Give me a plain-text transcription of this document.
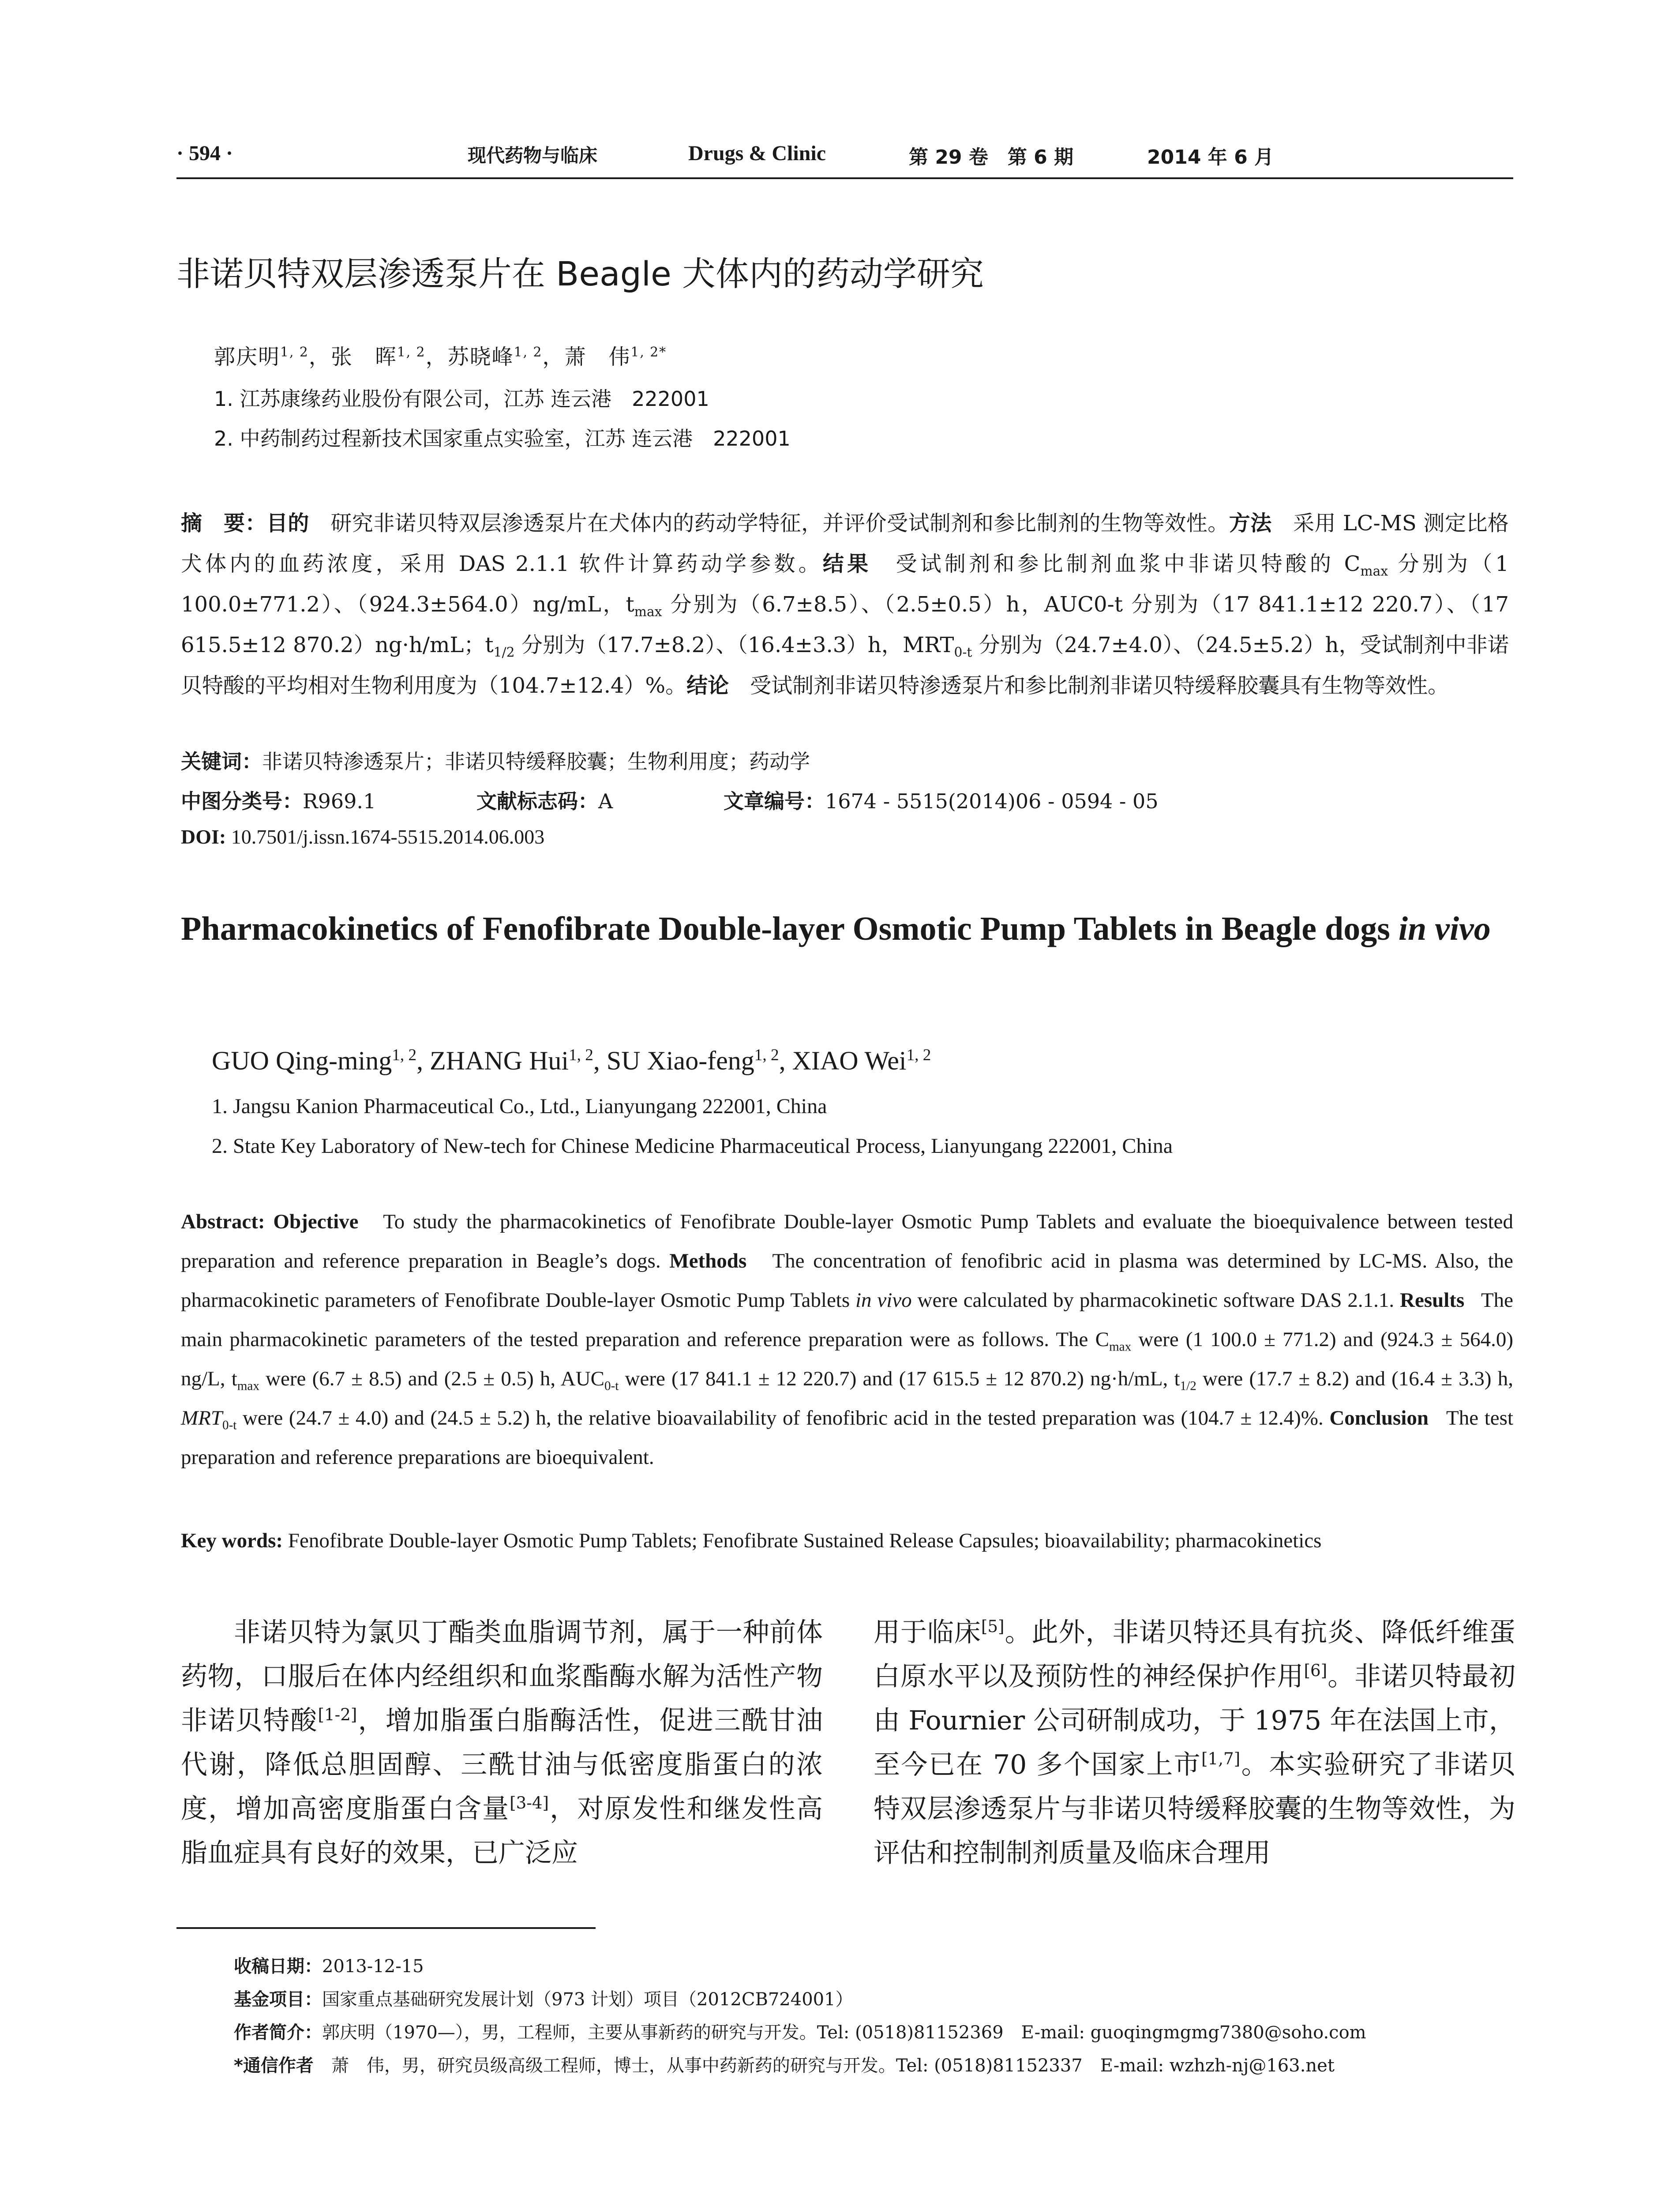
· 594 ·	现代药物与临床	Drugs & Clinic	第 29 卷　第 6 期	2014 年 6 月
非诺贝特双层渗透泵片在 Beagle 犬体内的药动学研究
郭庆明$^{1, 2}$，张　晖$^{1, 2}$，苏晓峰$^{1, 2}$，萧　伟$^{1, 2*}$
1. 江苏康缘药业股份有限公司，江苏 连云港　222001
2. 中药制药过程新技术国家重点实验室，江苏 连云港　222001
摘　要：目的　 研究非诺贝特双层渗透泵片在犬体内的药动学特征，并评价受试制剂和参比制剂的生物等效性。方法　 采用 LC-MS 测定比格犬体内的血药浓度，采用 DAS 2.1.1 软件计算药动学参数。结果　 受试制剂和参比制剂血浆中非诺贝特酸的 $C_{max}$ 分别为（1 100.0±771.2）、（924.3±564.0）ng/mL，$t_{max}$ 分别为（6.7±8.5）、（2.5±0.5）h，AUC0-t 分别为（17 841.1±12 220.7）、（17 615.5±12 870.2）ng·h/mL；$t_{1/2}$ 分别为（17.7±8.2）、（16.4±3.3）h，$MRT_{0-t}$ 分别为（24.7±4.0）、（24.5±5.2）h，受试制剂中非诺贝特酸的平均相对生物利用度为（104.7±12.4）%。结论　 受试制剂非诺贝特渗透泵片和参比制剂非诺贝特缓释胶囊具有生物等效性。
关键词：非诺贝特渗透泵片；非诺贝特缓释胶囊；生物利用度；药动学
中图分类号：R969.1	文献标志码：A	文章编号：1674 - 5515(2014)06 - 0594 - 05
DOI: 10.7501/j.issn.1674-5515.2014.06.003
Pharmacokinetics of Fenofibrate Double-layer Osmotic Pump Tablets in Beagle dogs in vivo
GUO Qing-ming$^{1, 2}$, ZHANG Hui$^{1, 2}$, SU Xiao-feng$^{1, 2}$, XIAO Wei$^{1, 2}$
1. Jangsu Kanion Pharmaceutical Co., Ltd., Lianyungang 222001, China
2. State Key Laboratory of New-tech for Chinese Medicine Pharmaceutical Process, Lianyungang 222001, China
Abstract: Objective To study the pharmacokinetics of Fenofibrate Double-layer Osmotic Pump Tablets and evaluate the bioequivalence between tested preparation and reference preparation in Beagle’s dogs. Methods The concentration of fenofibric acid in plasma was determined by LC-MS. Also, the pharmacokinetic parameters of Fenofibrate Double-layer Osmotic Pump Tablets in vivo were calculated by pharmacokinetic software DAS 2.1.1. Results The main pharmacokinetic parameters of the tested preparation and reference preparation were as follows. The $C_{max}$ were (1 100.0 ± 771.2) and (924.3 ± 564.0) ng/L, $t_{max}$ were (6.7 ± 8.5) and (2.5 ± 0.5) h, $AUC_{0-t}$ were (17 841.1 ± 12 220.7) and (17 615.5 ± 12 870.2) ng·h/mL, $t_{1/2}$ were (17.7 ± 8.2) and (16.4 ± 3.3) h, $MRT_{0-t}$ were (24.7 ± 4.0) and (24.5 ± 5.2) h, the relative bioavailability of fenofibric acid in the tested preparation was (104.7 ± 12.4)%. Conclusion The test preparation and reference preparations are bioequivalent.
Key words: Fenofibrate Double-layer Osmotic Pump Tablets; Fenofibrate Sustained Release Capsules; bioavailability; pharmacokinetics
非诺贝特为氯贝丁酯类血脂调节剂，属于一种前体药物，口服后在体内经组织和血浆酯酶水解为活性产物非诺贝特酸[1-2]，增加脂蛋白脂酶活性，促进三酰甘油代谢，降低总胆固醇、三酰甘油与低密度脂蛋白的浓度，增加高密度脂蛋白含量[3-4]，对原发性和继发性高脂血症具有良好的效果，已广泛应
用于临床[5]。此外，非诺贝特还具有抗炎、降低纤维蛋白原水平以及预防性的神经保护作用[6]。非诺贝特最初由 Fournier 公司研制成功，于 1975 年在法国上市，至今已在 70 多个国家上市[1,7]。本实验研究了非诺贝特双层渗透泵片与非诺贝特缓释胶囊的生物等效性，为评估和控制制剂质量及临床合理用
收稿日期：2013-12-15
基金项目：国家重点基础研究发展计划（973 计划）项目（2012CB724001）
作者简介：郭庆明（1970—），男，工程师，主要从事新药的研究与开发。Tel: (0518)81152369　E-mail: guoqingmgmg7380@soho.com
*通信作者　萧　伟，男，研究员级高级工程师，博士，从事中药新药的研究与开发。Tel: (0518)81152337　E-mail: wzhzh-nj@163.net
